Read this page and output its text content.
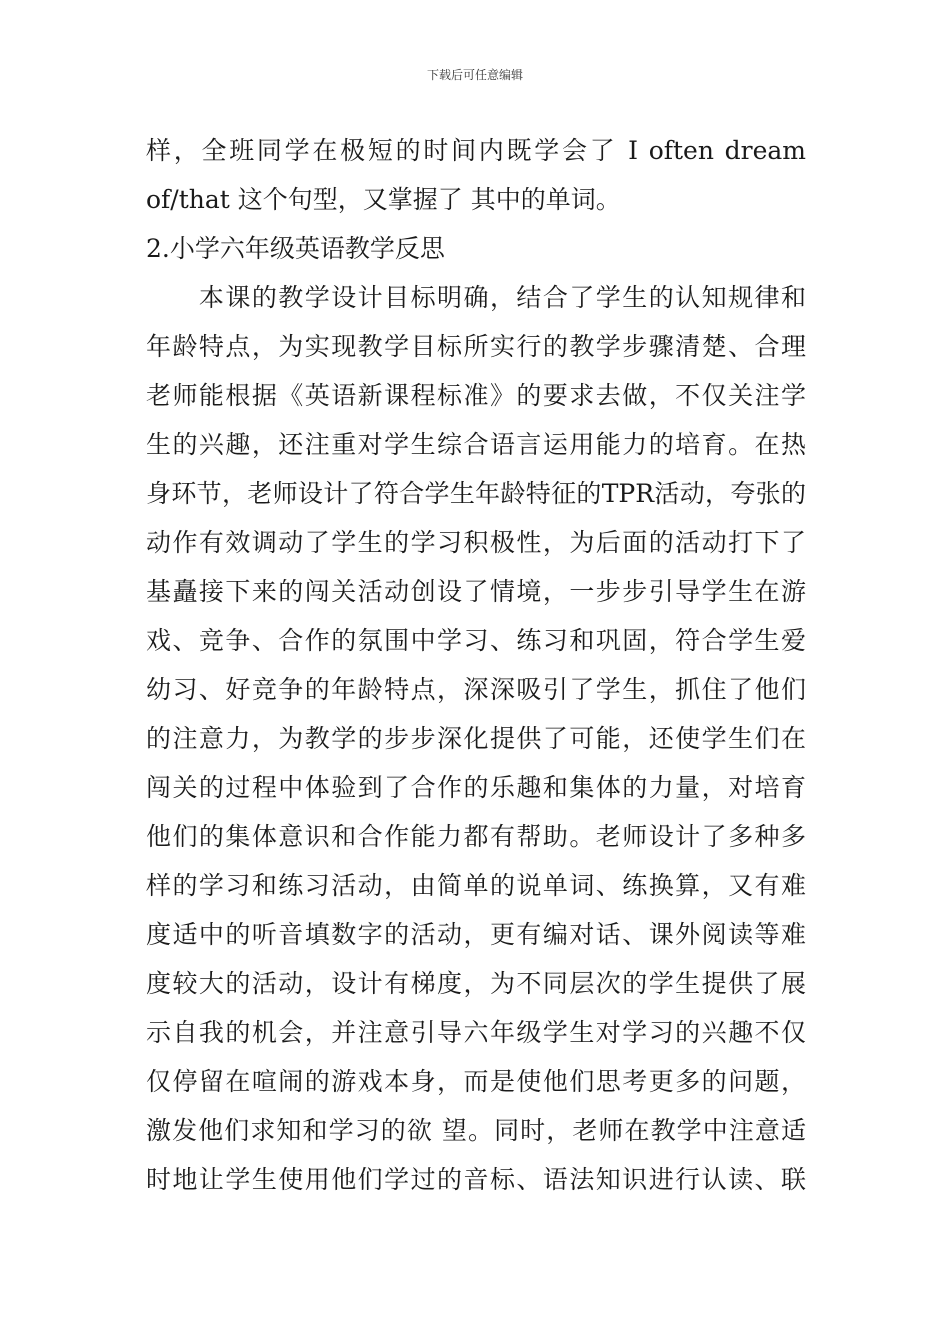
下载后可任意编辑
样，全班同学在极短的时间内既学会了 I often dream
of/that 这个句型，又掌握了 其中的单词。
2.小学六年级英语教学反思
　　本课的教学设计目标明确，结合了学生的认知规律和
年龄特点，为实现教学目标所实行的教学步骤清楚、合理
老师能根据《英语新课程标准》的要求去做，不仅关注学
生的兴趣，还注重对学生综合语言运用能力的培育。在热
身环节，老师设计了符合学生年龄特征的TPR活动，夸张的
动作有效调动了学生的学习积极性，为后面的活动打下了
基矗接下来的闯关活动创设了情境，一步步引导学生在游
戏、竞争、合作的氛围中学习、练习和巩固，符合学生爱
幼习、好竞争的年龄特点，深深吸引了学生，抓住了他们
的注意力，为教学的步步深化提供了可能，还使学生们在
闯关的过程中体验到了合作的乐趣和集体的力量，对培育
他们的集体意识和合作能力都有帮助。老师设计了多种多
样的学习和练习活动，由简单的说单词、练换算，又有难
度适中的听音填数字的活动，更有编对话、课外阅读等难
度较大的活动，设计有梯度，为不同层次的学生提供了展
示自我的机会，并注意引导六年级学生对学习的兴趣不仅
仅停留在喧闹的游戏本身，而是使他们思考更多的问题，
激发他们求知和学习的欲 望。同时，老师在教学中注意适
时地让学生使用他们学过的音标、语法知识进行认读、联
